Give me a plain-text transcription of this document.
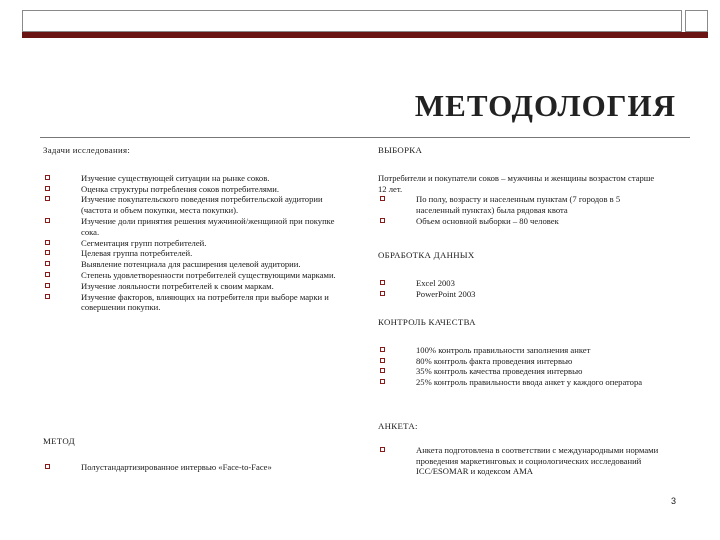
МЕТОДОЛОГИЯ
Задачи исследования:
Изучение существующей ситуации на рынке соков.
Оценка структуры потребления соков потребителями.
Изучение покупательского поведения потребительской аудитории (частота и объем покупки, места покупки).
Изучение доли принятия решения мужчиной/женщиной при покупке сока.
Сегментация групп потребителей.
Целевая группа потребителей.
Выявление потенциала для расширения целевой аудитории.
Степень удовлетворенности потребителей существующими марками.
Изучение лояльности потребителей к своим маркам.
Изучение факторов, влияющих на потребителя при выборе марки и совершении покупки.
МЕТОД
Полустандартизированное интервью «Face-to-Face»
ВЫБОРКА

Потребители и покупатели соков – мужчины и женщины возрастом старше 12 лет.

По полу, возрасту и населенным пунктам (7 городов в 5 населенный пунктах) была рядовая квота
Объем основной выборки – 80 человек
ОБРАБОТКА ДАННЫХ
Excel 2003
PowerPoint 2003
КОНТРОЛЬ КАЧЕСТВА
100% контроль правильности заполнения анкет
80% контроль факта проведения интервью
35% контроль качества проведения интервью
25% контроль правильности ввода анкет у каждого оператора
АНКЕТА:
Анкета подготовлена в соответствии с международными нормами проведения маркетинговых и социологических исследований ICC/ESOMAR и кодексом AMA
3
